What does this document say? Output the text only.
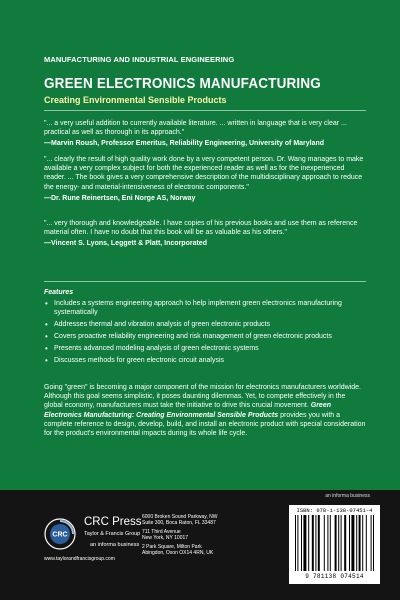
MANUFACTURING AND INDUSTRIAL ENGINEERING
GREEN ELECTRONICS MANUFACTURING
Creating Environmental Sensible Products
"... a very useful addition to currently available literature. ... written in language that is very clear ... practical as well as thorough in its approach."
—Marvin Roush, Professor Emeritus, Reliability Engineering, University of Maryland
"... clearly the result of high quality work done by a very competent person. Dr. Wang manages to make available a very complex subject for both the experienced reader as well as for the inexperienced reader. ... The book gives a very comprehensive description of the multidisciplinary approach to reduce the energy- and material-intensiveness of electronic components."
—Dr. Rune Reinertsen, Eni Norge AS, Norway
"... very thorough and knowledgeable. I have copies of his previous books and use them as reference material often. I have no doubt that this book will be as valuable as his others."
—Vincent S. Lyons, Leggett & Platt, Incorporated
Features
• Includes a systems engineering approach to help implement green electronics manufacturing systematically
• Addresses thermal and vibration analysis of green electronic products
• Covers proactive reliability engineering and risk management of green electronic products
• Presents advanced modeling analysis of green electronic systems
• Discusses methods for green electronic circuit analysis
Going "green" is becoming a major component of the mission for electronics manufacturers worldwide. Although this goal seems simplistic, it poses daunting dilemmas. Yet, to compete effectively in the global economy, manufacturers must take the initiative to drive this crucial movement. Green Electronics Manufacturing: Creating Environmental Sensible Products provides you with a complete reference to design, develop, build, and install an electronic product with special consideration for the product's environmental impacts during its whole life cycle.
an informa business
CRC
CRC Press
Taylor & Francis Group
an informa business
www.taylorandfrancisgroup.com
6000 Broken Sound Parkway, NW
Suite 300, Boca Raton, FL 33487
711 Third Avenue
New York, NY 10017
2 Park Square, Milton Park
Abingdon, Oxon OX14 4RN, UK
ISBN: 978-1-138-07451-4
9 781138 074514
